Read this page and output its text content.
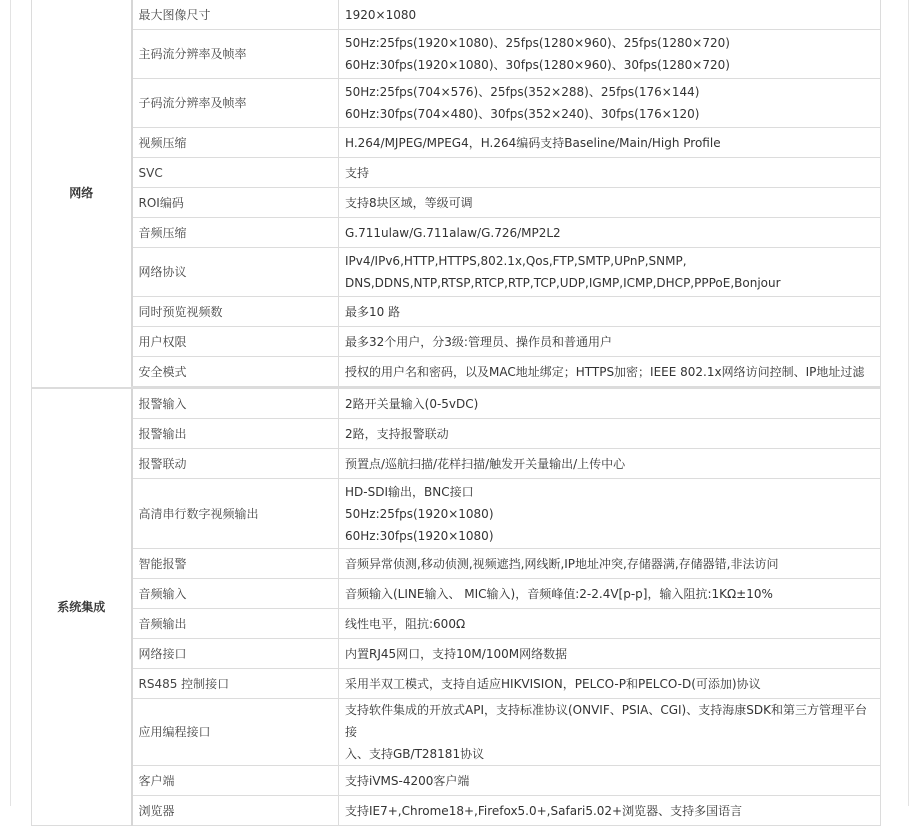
网络	最大图像尺寸	1920×1080

	主码流分辨率及帧率	50Hz:25fps(1920×1080)、25fps(1280×960)、25fps(1280×720)
60Hz:30fps(1920×1080)、30fps(1280×960)、30fps(1280×720)

	子码流分辨率及帧率	50Hz:25fps(704×576)、25fps(352×288)、25fps(176×144)
60Hz:30fps(704×480)、30fps(352×240)、30fps(176×120)

	视频压缩	H.264/MJPEG/MPEG4，H.264编码支持Baseline/Main/High Profile

	SVC	支持

	ROI编码	支持8块区域，等级可调

	音频压缩	G.711ulaw/G.711alaw/G.726/MP2L2

	网络协议	IPv4/IPv6,HTTP,HTTPS,802.1x,Qos,FTP,SMTP,UPnP,SNMP,
DNS,DDNS,NTP,RTSP,RTCP,RTP,TCP,UDP,IGMP,ICMP,DHCP,PPPoE,Bonjour

	同时预览视频数	最多10 路

	用户权限	最多32个用户，分3级:管理员、操作员和普通用户

	安全模式	授权的用户名和密码，以及MAC地址绑定；HTTPS加密；IEEE 802.1x网络访问控制、IP地址过滤

系统集成	报警输入	2路开关量输入(0-5vDC)

	报警输出	2路，支持报警联动

	报警联动	预置点/巡航扫描/花样扫描/触发开关量输出/上传中心

	高清串行数字视频输出	HD-SDI输出，BNC接口
50Hz:25fps(1920×1080)
60Hz:30fps(1920×1080)

	智能报警	音频异常侦测,移动侦测,视频遮挡,网线断,IP地址冲突,存储器满,存储器错,非法访问

	音频输入	音频输入(LINE输入、 MIC输入)，音频峰值:2-2.4V[p-p]，输入阻抗:1KΩ±10%

	音频输出	线性电平，阻抗:600Ω

	网络接口	内置RJ45网口，支持10M/100M网络数据

	RS485 控制接口	采用半双工模式，支持自适应HIKVISION，PELCO-P和PELCO-D(可添加)协议

	应用编程接口	支持软件集成的开放式API，支持标准协议(ONVIF、PSIA、CGI)、支持海康SDK和第三方管理平台接
入、支持GB/T28181协议

	客户端	支持iVMS-4200客户端

	浏览器	支持IE7+,Chrome18+,Firefox5.0+,Safari5.02+浏览器、支持多国语言
